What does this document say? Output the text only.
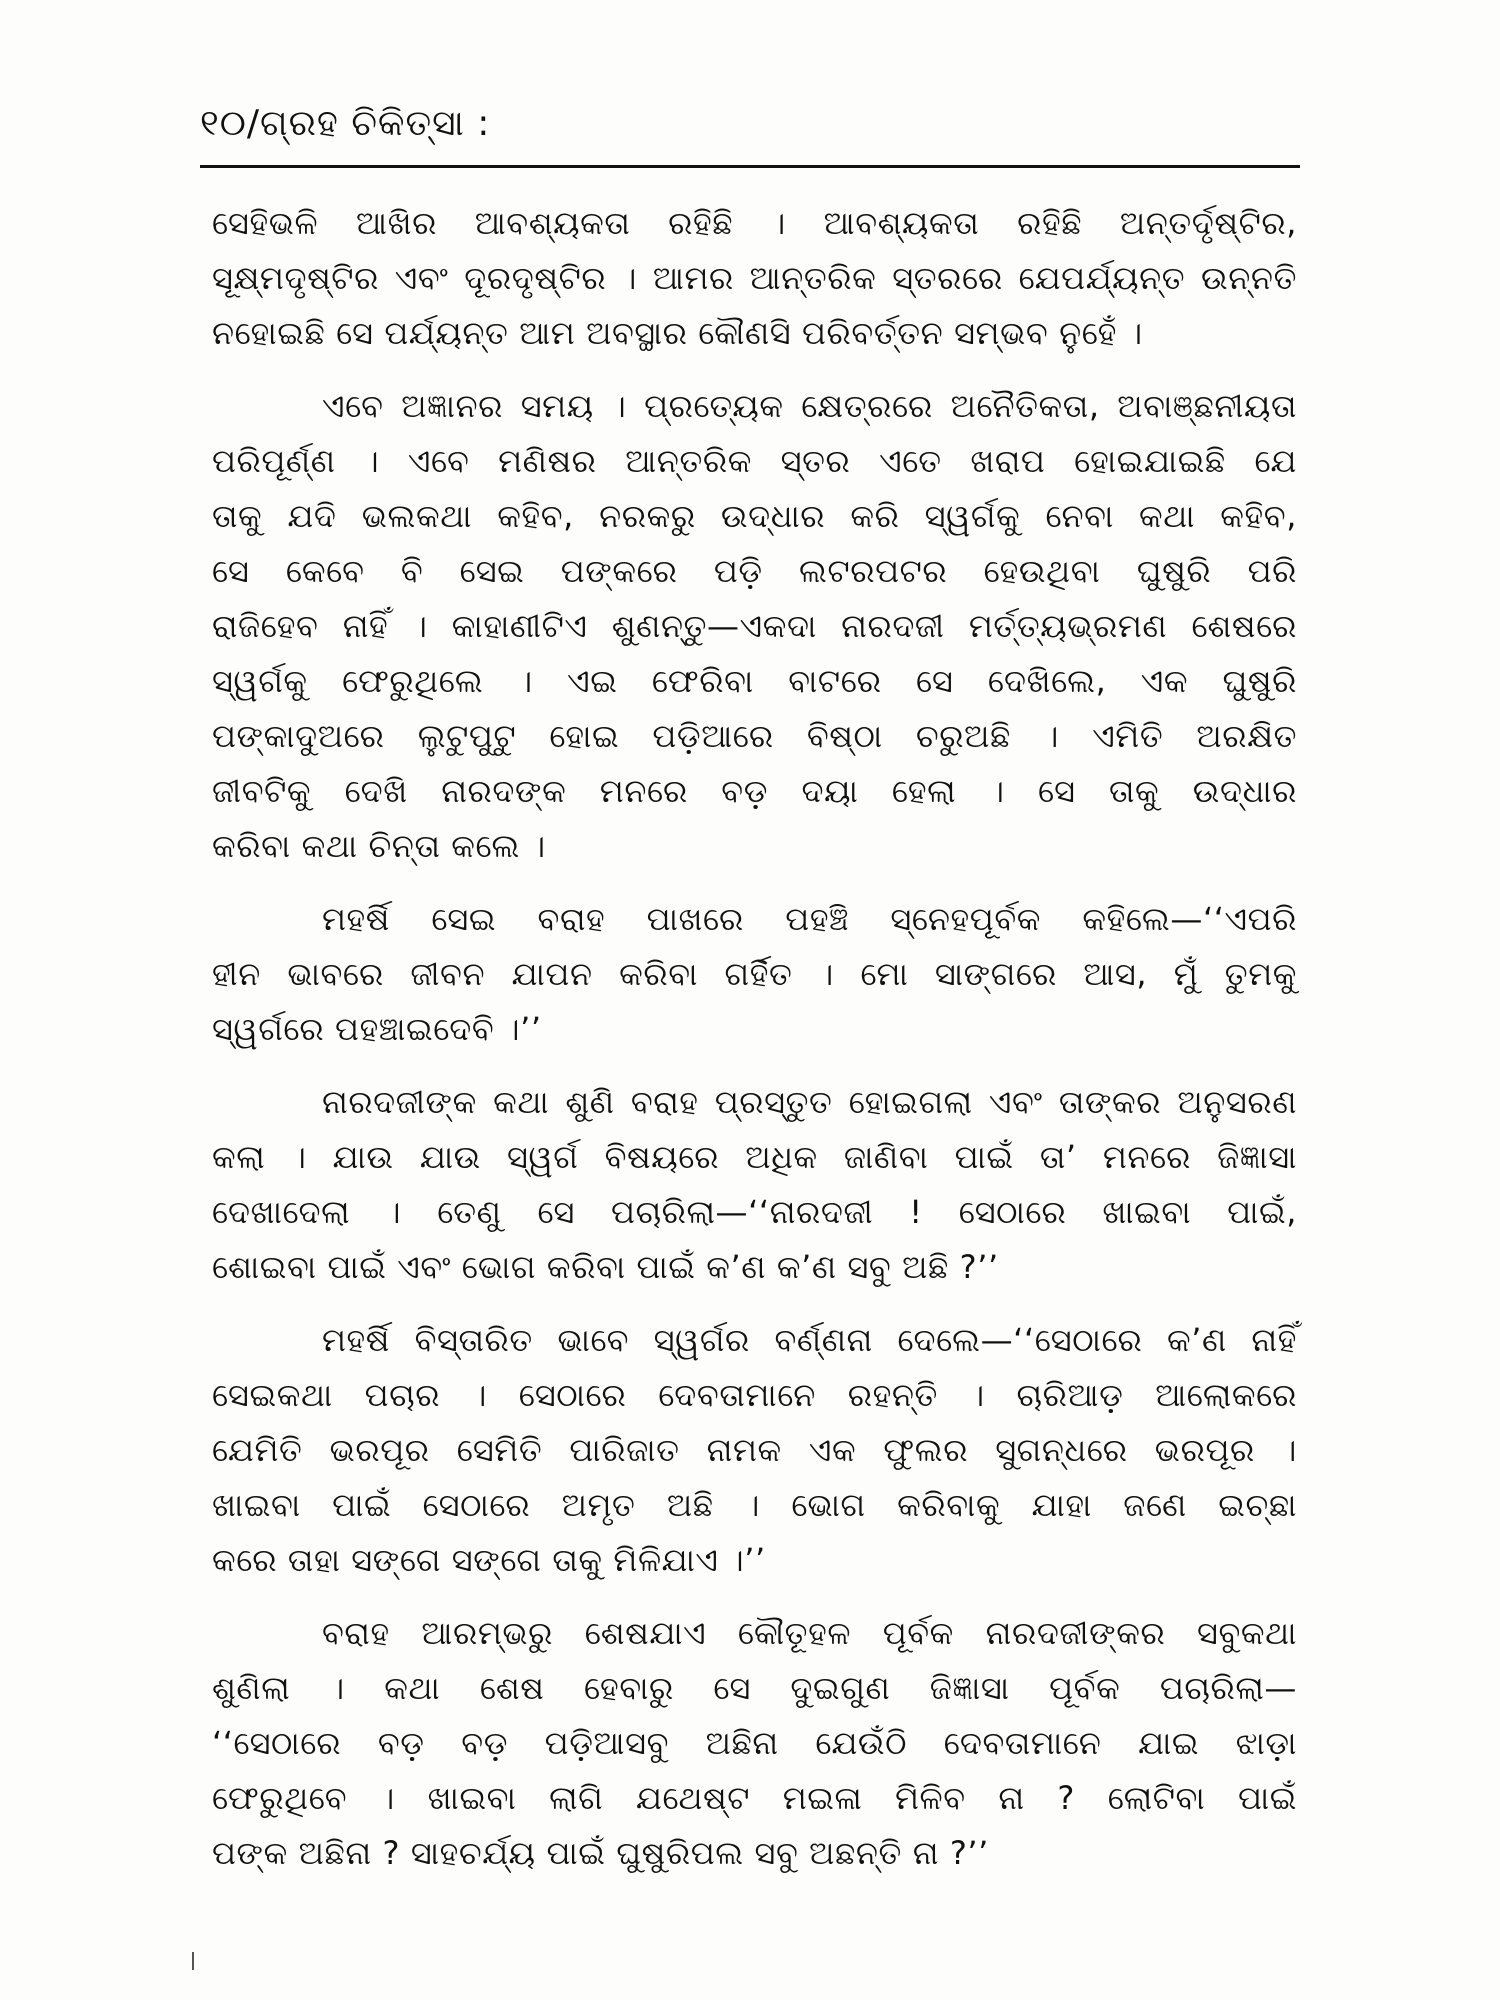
୧୦/ଗ୍ରହ ଚିକିତ୍ସା :
ସେହିଭଳି ଆଖିର ଆବଶ୍ୟକତା ରହିଛି । ଆବଶ୍ୟକତା ରହିଛି ଅନ୍ତର୍ଦୃଷ୍ଟିର,
ସୂକ୍ଷ୍ମଦୃଷ୍ଟିର ଏବଂ ଦୂରଦୃଷ୍ଟିର । ଆମର ଆନ୍ତରିକ ସ୍ତରରେ ଯେପର୍ଯ୍ୟନ୍ତ ଉନ୍ନତି
ନହୋଇଛି ସେ ପର୍ଯ୍ୟନ୍ତ ଆମ ଅବସ୍ଥାର କୌଣସି ପରିବର୍ତ୍ତନ ସମ୍ଭବ ନୁହେଁ ।
ଏବେ ଅଜ୍ଞାନର ସମୟ । ପ୍ରତ୍ୟେକ କ୍ଷେତ୍ରରେ ଅନୈତିକତା, ଅବାଞ୍ଛନୀୟତା
ପରିପୂର୍ଣ୍ଣ । ଏବେ ମଣିଷର ଆନ୍ତରିକ ସ୍ତର ଏତେ ଖରାପ ହୋଇଯାଇଛି ଯେ
ତାକୁ ଯଦି ଭଲକଥା କହିବ, ନରକରୁ ଉଦ୍ଧାର କରି ସ୍ୱର୍ଗକୁ ନେବା କଥା କହିବ,
ସେ କେବେ ବି ସେଇ ପଙ୍କରେ ପଡ଼ି ଲଟରପଟର ହେଉଥିବା ଘୁଷୁରି ପରି
ରାଜିହେବ ନାହିଁ । କାହାଣୀଟିଏ ଶୁଣନ୍ତୁ—ଏକଦା ନାରଦଜୀ ମର୍ତ୍ତ୍ୟଭ୍ରମଣ ଶେଷରେ
ସ୍ୱର୍ଗକୁ ଫେରୁଥିଲେ । ଏଇ ଫେରିବା ବାଟରେ ସେ ଦେଖିଲେ, ଏକ ଘୁଷୁରି
ପଙ୍କାଦୁଅରେ ଲୁଟୁପୁଟୁ ହୋଇ ପଡ଼ିଆରେ ବିଷ୍ଠା ଚରୁଅଛି । ଏମିତି ଅରକ୍ଷିତ
ଜୀବଟିକୁ ଦେଖି ନାରଦଙ୍କ ମନରେ ବଡ଼ ଦୟା ହେଲା । ସେ ତାକୁ ଉଦ୍ଧାର
କରିବା କଥା ଚିନ୍ତା କଲେ ।
ମହର୍ଷି ସେଇ ବରାହ ପାଖରେ ପହଞ୍ଚି ସ୍ନେହପୂର୍ବକ କହିଲେ—‘‘ଏପରି
ହୀନ ଭାବରେ ଜୀବନ ଯାପନ କରିବା ଗର୍ହିତ । ମୋ ସାଙ୍ଗରେ ଆସ, ମୁଁ ତୁମକୁ
ସ୍ୱର୍ଗରେ ପହଞ୍ଚାଇଦେବି ।’’
ନାରଦଜୀଙ୍କ କଥା ଶୁଣି ବରାହ ପ୍ରସ୍ତୁତ ହୋଇଗଲା ଏବଂ ତାଙ୍କର ଅନୁସରଣ
କଲା । ଯାଉ ଯାଉ ସ୍ୱର୍ଗ ବିଷୟରେ ଅଧିକ ଜାଣିବା ପାଇଁ ତା’ ମନରେ ଜିଜ୍ଞାସା
ଦେଖାଦେଲା । ତେଣୁ ସେ ପଚାରିଲା—‘‘ନାରଦଜୀ ! ସେଠାରେ ଖାଇବା ପାଇଁ,
ଶୋଇବା ପାଇଁ ଏବଂ ଭୋଗ କରିବା ପାଇଁ କ’ଣ କ’ଣ ସବୁ ଅଛି ?’’
ମହର୍ଷି ବିସ୍ତାରିତ ଭାବେ ସ୍ୱର୍ଗର ବର୍ଣ୍ଣନା ଦେଲେ—‘‘ସେଠାରେ କ’ଣ ନାହିଁ
ସେଇକଥା ପଚାର । ସେଠାରେ ଦେବତାମାନେ ରହନ୍ତି । ଚାରିଆଡ଼ ଆଲୋକରେ
ଯେମିତି ଭରପୂର ସେମିତି ପାରିଜାତ ନାମକ ଏକ ଫୁଲର ସୁଗନ୍ଧରେ ଭରପୂର ।
ଖାଇବା ପାଇଁ ସେଠାରେ ଅମୃତ ଅଛି । ଭୋଗ କରିବାକୁ ଯାହା ଜଣେ ଇଚ୍ଛା
କରେ ତାହା ସଙ୍ଗେ ସଙ୍ଗେ ତାକୁ ମିଳିଯାଏ ।’’
ବରାହ ଆରମ୍ଭରୁ ଶେଷଯାଏ କୌତୂହଳ ପୂର୍ବକ ନାରଦଜୀଙ୍କର ସବୁକଥା
ଶୁଣିଲା । କଥା ଶେଷ ହେବାରୁ ସେ ଦୁଇଗୁଣ ଜିଜ୍ଞାସା ପୂର୍ବକ ପଚାରିଲା—
‘‘ସେଠାରେ ବଡ଼ ବଡ଼ ପଡ଼ିଆସବୁ ଅଛିନା ଯେଉଁଠି ଦେବତାମାନେ ଯାଇ ଝାଡ଼ା
ଫେରୁଥିବେ । ଖାଇବା ଲାଗି ଯଥେଷ୍ଟ ମଇଳା ମିଳିବ ନା ? ଲୋଟିବା ପାଇଁ
ପଙ୍କ ଅଛିନା ? ସାହଚର୍ଯ୍ୟ ପାଇଁ ଘୁଷୁରିପଲ ସବୁ ଅଛନ୍ତି ନା ?’’
